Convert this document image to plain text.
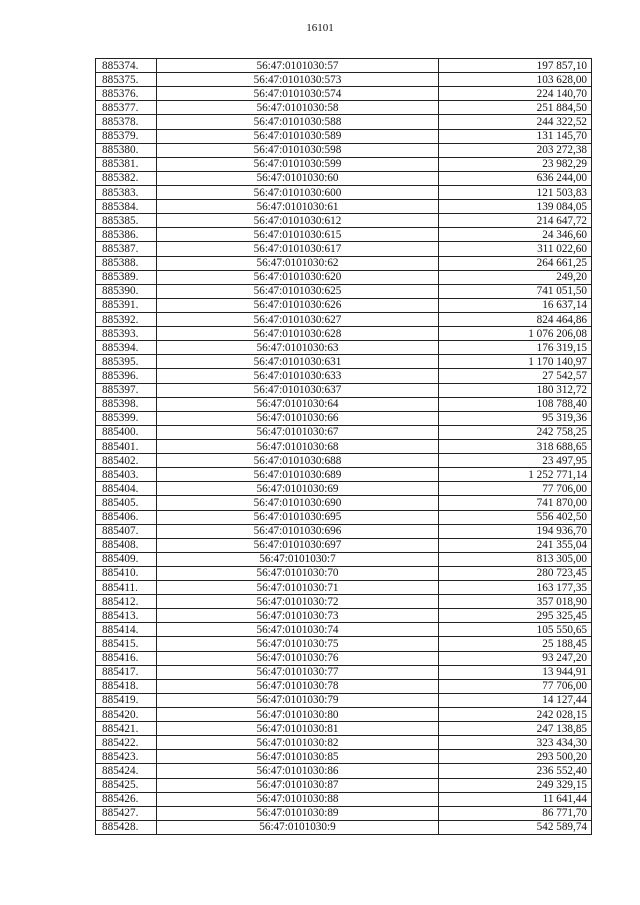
16101
885374.	56:47:0101030:57	197 857,10
885375.	56:47:0101030:573	103 628,00
885376.	56:47:0101030:574	224 140,70
885377.	56:47:0101030:58	251 884,50
885378.	56:47:0101030:588	244 322,52
885379.	56:47:0101030:589	131 145,70
885380.	56:47:0101030:598	203 272,38
885381.	56:47:0101030:599	23 982,29
885382.	56:47:0101030:60	636 244,00
885383.	56:47:0101030:600	121 503,83
885384.	56:47:0101030:61	139 084,05
885385.	56:47:0101030:612	214 647,72
885386.	56:47:0101030:615	24 346,60
885387.	56:47:0101030:617	311 022,60
885388.	56:47:0101030:62	264 661,25
885389.	56:47:0101030:620	249,20
885390.	56:47:0101030:625	741 051,50
885391.	56:47:0101030:626	16 637,14
885392.	56:47:0101030:627	824 464,86
885393.	56:47:0101030:628	1 076 206,08
885394.	56:47:0101030:63	176 319,15
885395.	56:47:0101030:631	1 170 140,97
885396.	56:47:0101030:633	27 542,57
885397.	56:47:0101030:637	180 312,72
885398.	56:47:0101030:64	108 788,40
885399.	56:47:0101030:66	95 319,36
885400.	56:47:0101030:67	242 758,25
885401.	56:47:0101030:68	318 688,65
885402.	56:47:0101030:688	23 497,95
885403.	56:47:0101030:689	1 252 771,14
885404.	56:47:0101030:69	77 706,00
885405.	56:47:0101030:690	741 870,00
885406.	56:47:0101030:695	556 402,50
885407.	56:47:0101030:696	194 936,70
885408.	56:47:0101030:697	241 355,04
885409.	56:47:0101030:7	813 305,00
885410.	56:47:0101030:70	280 723,45
885411.	56:47:0101030:71	163 177,35
885412.	56:47:0101030:72	357 018,90
885413.	56:47:0101030:73	295 325,45
885414.	56:47:0101030:74	105 550,65
885415.	56:47:0101030:75	25 188,45
885416.	56:47:0101030:76	93 247,20
885417.	56:47:0101030:77	13 944,91
885418.	56:47:0101030:78	77 706,00
885419.	56:47:0101030:79	14 127,44
885420.	56:47:0101030:80	242 028,15
885421.	56:47:0101030:81	247 138,85
885422.	56:47:0101030:82	323 434,30
885423.	56:47:0101030:85	293 500,20
885424.	56:47:0101030:86	236 552,40
885425.	56:47:0101030:87	249 329,15
885426.	56:47:0101030:88	11 641,44
885427.	56:47:0101030:89	86 771,70
885428.	56:47:0101030:9	542 589,74
